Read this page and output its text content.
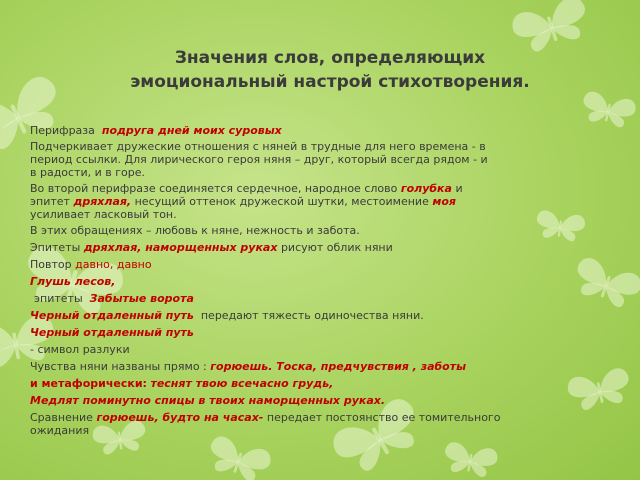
Значения слов, определяющих
эмоциональный настрой стихотворения.
Перифраза подруга дней моих суровых
Подчеркивает дружеские отношения с няней в трудные для него времена - в
период ссылки. Для лирического героя няня – друг, который всегда рядом - и
в радости, и в горе.
Во второй перифразе соединяется сердечное, народное слово голубка и
эпитет дряхлая, несущий оттенок дружеской шутки, местоимение моя
усиливает ласковый тон.
В этих обращениях – любовь к няне, нежность и забота.
Эпитеты дряхлая, наморщенных руках рисуют облик няни
Повтор давно, давно
Глушь лесов,
эпитеты Забытые ворота
Черный отдаленный путь передают тяжесть одиночества няни.
Черный отдаленный путь
- символ разлуки
Чувства няни названы прямо : горюешь. Тоска, предчувствия , заботы
и метафорически: теснят твою всечасно грудь,
Медлят поминутно спицы в твоих наморщенных руках.
Сравнение горюешь, будто на часах- передает постоянство ее томительного
ожидания
